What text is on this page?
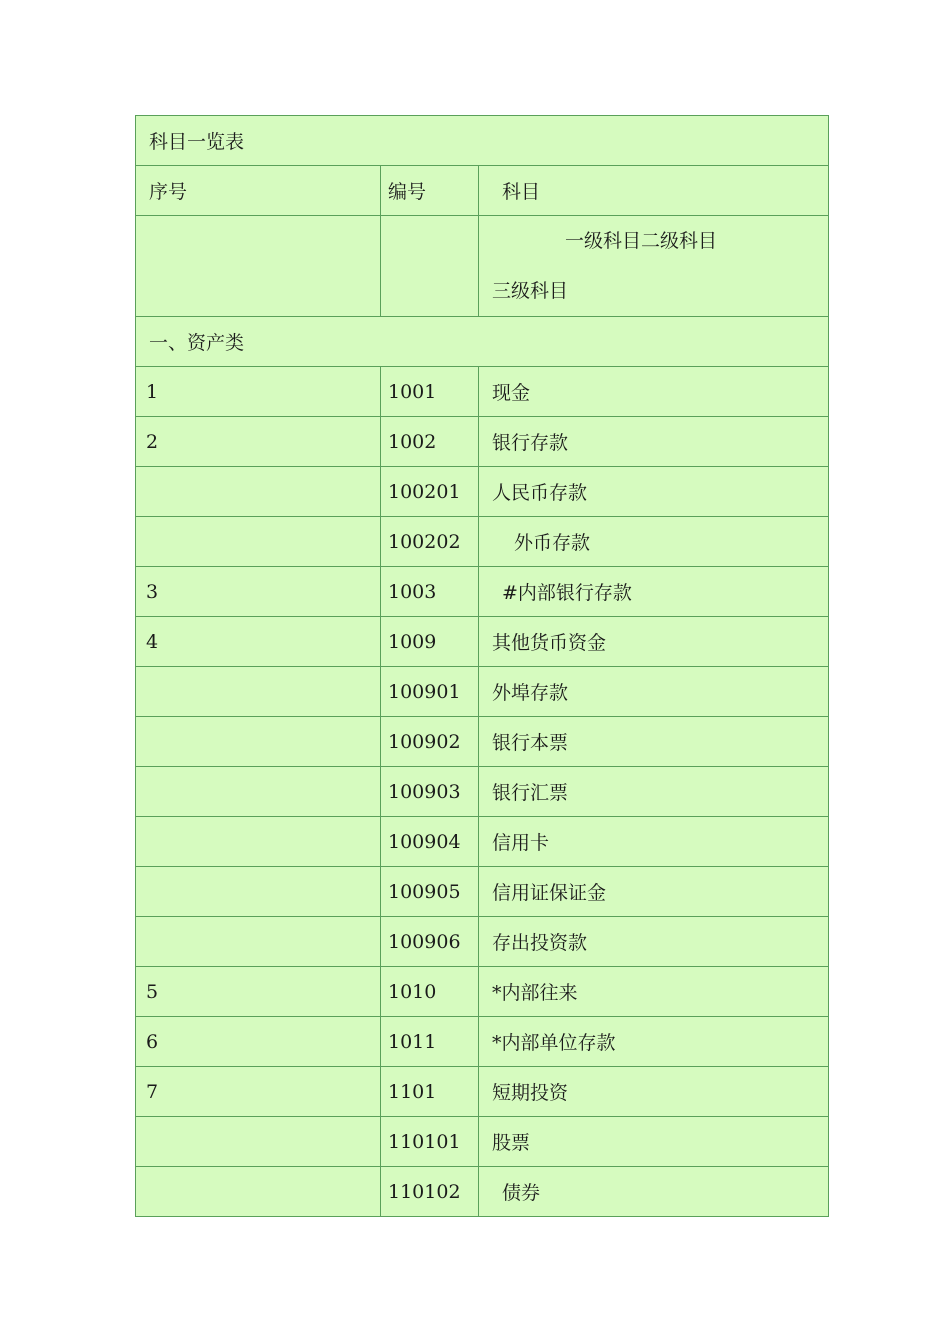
科目一览表		
序号	编号	科目

		一级科目二级科目
三级科目

一、资产类		
1	1001	现金
2	1002	银行存款
	100201	人民币存款
	100202	外币存款
3	1003	#内部银行存款
4	1009	其他货币资金
	100901	外埠存款
	100902	银行本票
	100903	银行汇票
	100904	信用卡
	100905	信用证保证金
	100906	存出投资款
5	1010	*内部往来
6	1011	*内部单位存款
7	1101	短期投资
	110101	股票
	110102	债券
